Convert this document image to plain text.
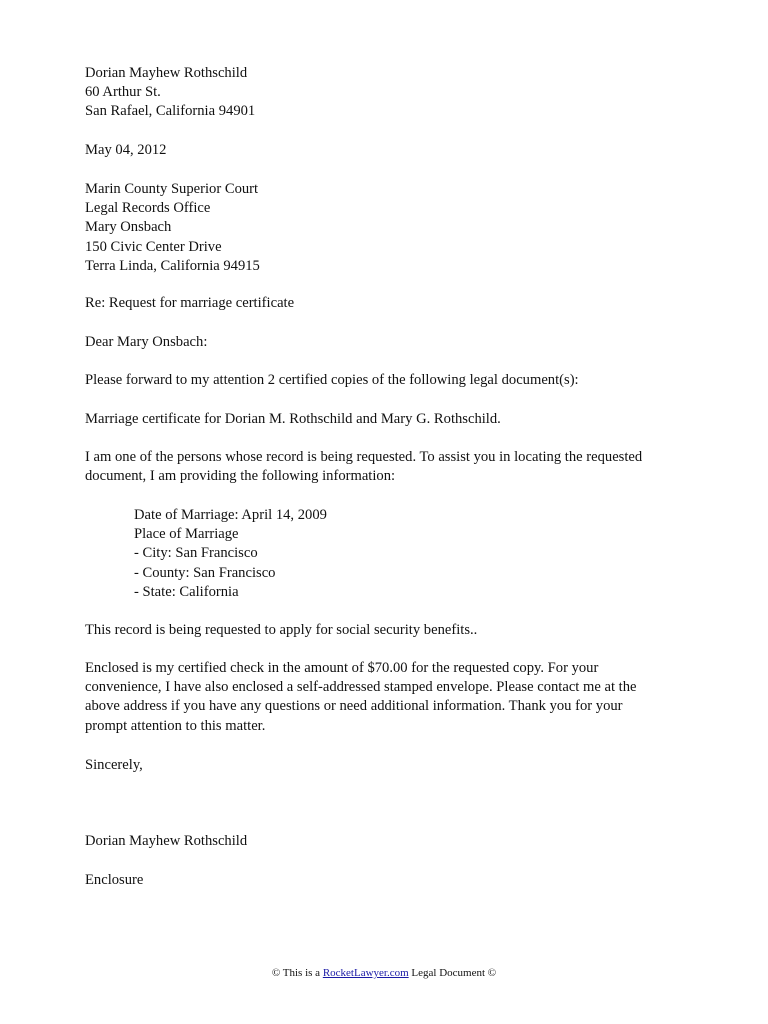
Dorian Mayhew Rothschild
60 Arthur St.
San Rafael, California 94901
May 04, 2012
Marin County Superior Court
Legal Records Office
Mary Onsbach
150 Civic Center Drive
Terra Linda, California 94915
Re: Request for marriage certificate
Dear Mary Onsbach:
Please forward to my attention 2 certified copies of the following legal document(s):
Marriage certificate for Dorian M. Rothschild and Mary G. Rothschild.
I am one of the persons whose record is being requested. To assist you in locating the requested
document, I am providing the following information:
Date of Marriage: April 14, 2009
Place of Marriage
- City: San Francisco
- County: San Francisco
- State: California
This record is being requested to apply for social security benefits..
Enclosed is my certified check in the amount of $70.00 for the requested copy. For your
convenience, I have also enclosed a self-addressed stamped envelope. Please contact me at the
above address if you have any questions or need additional information. Thank you for your
prompt attention to this matter.
Sincerely,
Dorian Mayhew Rothschild
Enclosure
© This is a RocketLawyer.com Legal Document ©
